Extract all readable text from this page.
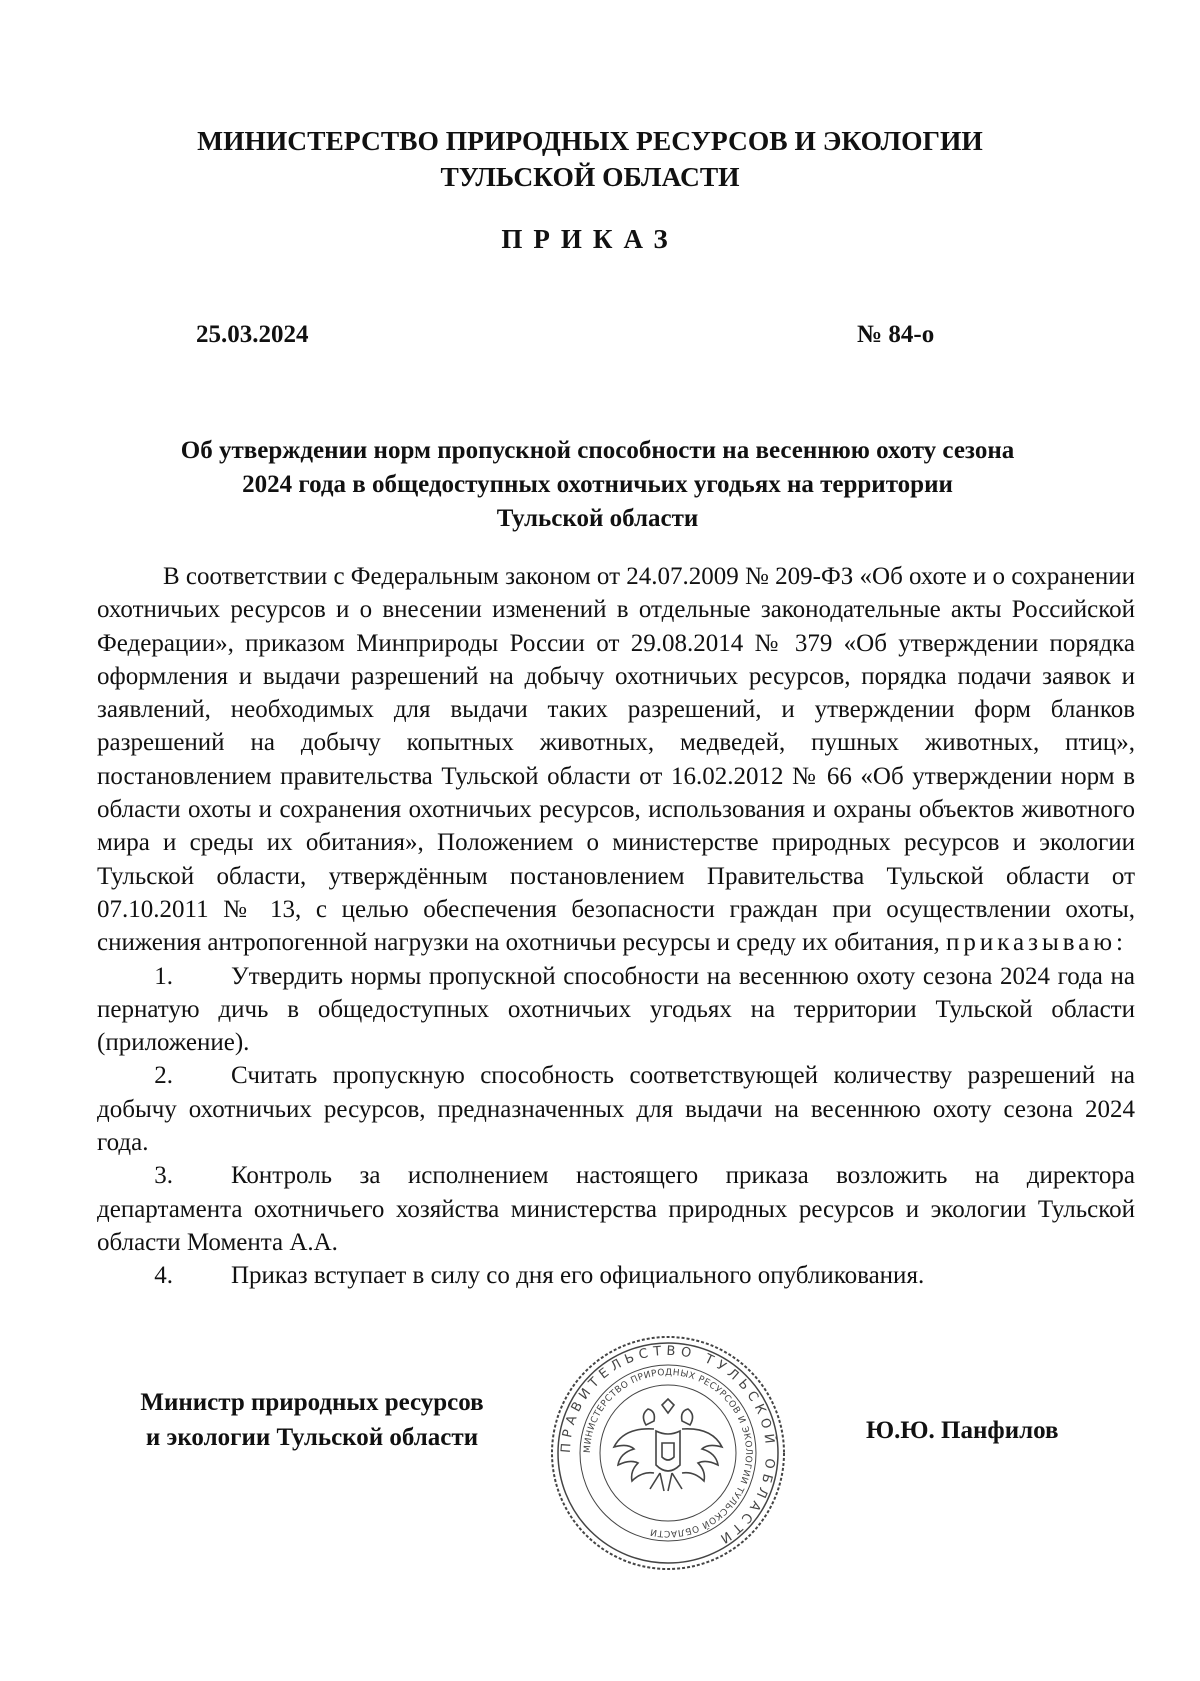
МИНИСТЕРСТВО ПРИРОДНЫХ РЕСУРСОВ И ЭКОЛОГИИ
ТУЛЬСКОЙ ОБЛАСТИ
ПРИКАЗ
25.03.2024	№ 84-о
Об утверждении норм пропускной способности на весеннюю охоту сезона
2024 года в общедоступных охотничьих угодьях на территории
Тульской области

В соответствии с Федеральным законом от 24.07.2009 № 209-ФЗ «Об охоте и о сохранении охотничьих ресурсов и о внесении изменений в отдельные законодательные акты Российской Федерации», приказом Минприроды России от 29.08.2014 № 379 «Об утверждении порядка оформления и выдачи разрешений на добычу охотничьих ресурсов, порядка подачи заявок и заявлений, необходимых для выдачи таких разрешений, и утверждении форм бланков разрешений на добычу копытных животных, медведей, пушных животных, птиц», постановлением правительства Тульской области от 16.02.2012 № 66 «Об утверждении норм в области охоты и сохранения охотничьих ресурсов, использования и охраны объектов животного мира и среды их обитания», Положением о министерстве природных ресурсов и экологии Тульской области, утверждённым постановлением Правительства Тульской области от 07.10.2011 № 13, с целью обеспечения безопасности граждан при осуществлении охоты, снижения антропогенной нагрузки на охотничьи ресурсы и среду их обитания, приказываю:

1. Утвердить нормы пропускной способности на весеннюю охоту сезона 2024 года на пернатую дичь в общедоступных охотничьих угодьях на территории Тульской области (приложение).

2. Считать пропускную способность соответствующей количеству разрешений на добычу охотничьих ресурсов, предназначенных для выдачи на весеннюю охоту сезона 2024 года.

3. Контроль за исполнением настоящего приказа возложить на директора департамента охотничьего хозяйства министерства природных ресурсов и экологии Тульской области Момента А.А.

4. Приказ вступает в силу со дня его официального опубликования.

Министр природных ресурсов
и экологии Тульской области	ПРАВИТЕЛЬСТВО ТУЛЬСКОЙ ОБЛАСТИ
МИНИСТЕРСТВО ПРИРОДНЫХ РЕСУРСОВ И ЭКОЛОГИИ ТУЛЬСКОЙ ОБЛАСТИ
Ю.Ю. Панфилов
